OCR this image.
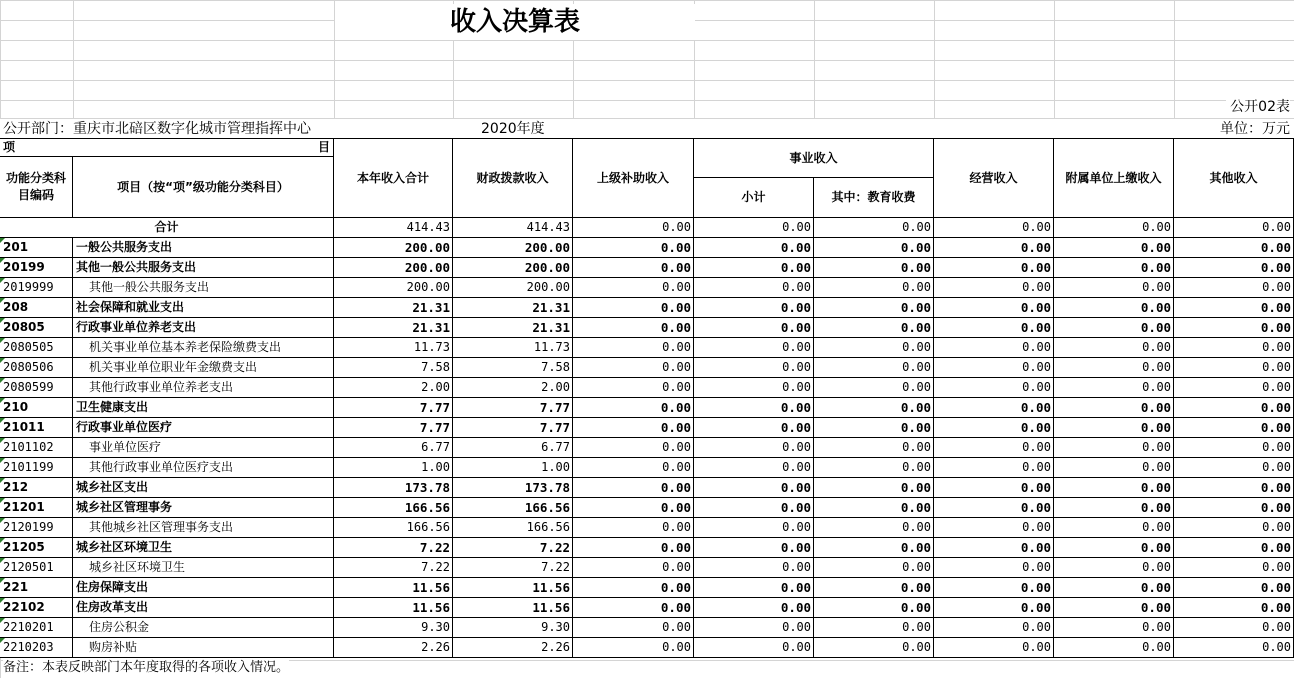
收入决算表
公开02表
公开部门：重庆市北碚区数字化城市管理指挥中心	2020年度	单位：万元
项	目
功能分类科目编码
项目（按“项”级功能分类科目）
本年收入合计	财政拨款收入	上级补助收入
事业收入
小计	其中：教育收费
经营收入	附属单位上缴收入	其他收入
合计	414.43	414.43	0.00	0.00	0.00	0.00	0.00	0.00
201	一般公共服务支出	200.00	200.00	0.00	0.00	0.00	0.00	0.00	0.00
20199	其他一般公共服务支出	200.00	200.00	0.00	0.00	0.00	0.00	0.00	0.00
2019999	其他一般公共服务支出	200.00	200.00	0.00	0.00	0.00	0.00	0.00	0.00
208	社会保障和就业支出	21.31	21.31	0.00	0.00	0.00	0.00	0.00	0.00
20805	行政事业单位养老支出	21.31	21.31	0.00	0.00	0.00	0.00	0.00	0.00
2080505	机关事业单位基本养老保险缴费支出	11.73	11.73	0.00	0.00	0.00	0.00	0.00	0.00
2080506	机关事业单位职业年金缴费支出	7.58	7.58	0.00	0.00	0.00	0.00	0.00	0.00
2080599	其他行政事业单位养老支出	2.00	2.00	0.00	0.00	0.00	0.00	0.00	0.00
210	卫生健康支出	7.77	7.77	0.00	0.00	0.00	0.00	0.00	0.00
21011	行政事业单位医疗	7.77	7.77	0.00	0.00	0.00	0.00	0.00	0.00
2101102	事业单位医疗	6.77	6.77	0.00	0.00	0.00	0.00	0.00	0.00
2101199	其他行政事业单位医疗支出	1.00	1.00	0.00	0.00	0.00	0.00	0.00	0.00
212	城乡社区支出	173.78	173.78	0.00	0.00	0.00	0.00	0.00	0.00
21201	城乡社区管理事务	166.56	166.56	0.00	0.00	0.00	0.00	0.00	0.00
2120199	其他城乡社区管理事务支出	166.56	166.56	0.00	0.00	0.00	0.00	0.00	0.00
21205	城乡社区环境卫生	7.22	7.22	0.00	0.00	0.00	0.00	0.00	0.00
2120501	城乡社区环境卫生	7.22	7.22	0.00	0.00	0.00	0.00	0.00	0.00
221	住房保障支出	11.56	11.56	0.00	0.00	0.00	0.00	0.00	0.00
22102	住房改革支出	11.56	11.56	0.00	0.00	0.00	0.00	0.00	0.00
2210201	住房公积金	9.30	9.30	0.00	0.00	0.00	0.00	0.00	0.00
2210203	购房补贴	2.26	2.26	0.00	0.00	0.00	0.00	0.00	0.00
备注：本表反映部门本年度取得的各项收入情况。
